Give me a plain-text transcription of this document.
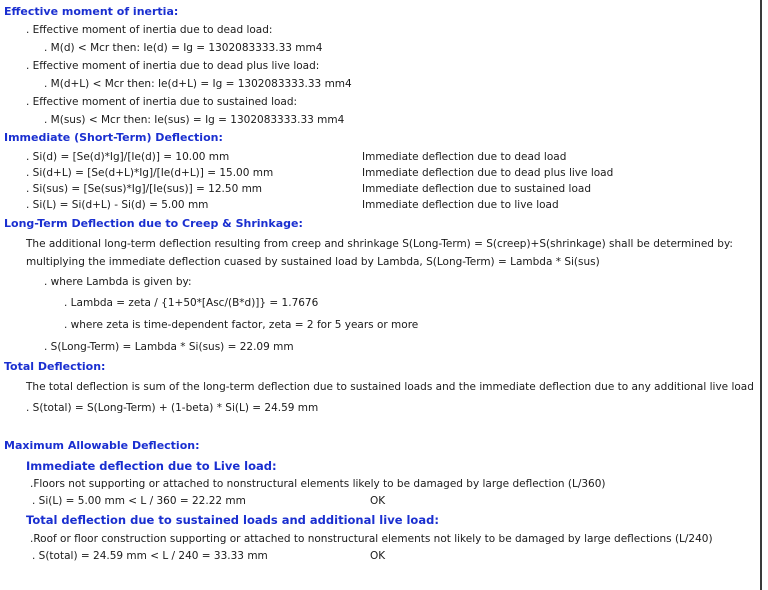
Effective moment of inertia:
. Effective moment of inertia due to dead load:
. M(d) < Mcr then: Ie(d) = Ig = 1302083333.33 mm4
. Effective moment of inertia due to dead plus live load:
. M(d+L) < Mcr then: Ie(d+L) = Ig = 1302083333.33 mm4
. Effective moment of inertia due to sustained load:
. M(sus) < Mcr then: Ie(sus) = Ig = 1302083333.33 mm4
Immediate (Short-Term) Deflection:
. Si(d) = [Se(d)*Ig]/[Ie(d)] = 10.00 mm	Immediate deflection due to dead load
. Si(d+L) = [Se(d+L)*Ig]/[Ie(d+L)] = 15.00 mm	Immediate deflection due to dead plus live load
. Si(sus) = [Se(sus)*Ig]/[Ie(sus)] = 12.50 mm	Immediate deflection due to sustained load
. Si(L) = Si(d+L) - Si(d) = 5.00 mm	Immediate deflection due to live load
Long-Term Deflection due to Creep & Shrinkage:
The additional long-term deflection resulting from creep and shrinkage S(Long-Term) = S(creep)+S(shrinkage) shall be determined by:
multiplying the immediate deflection cuased by sustained load by Lambda, S(Long-Term) = Lambda * Si(sus)
. where Lambda is given by:
. Lambda = zeta / {1+50*[Asc/(B*d)]} = 1.7676
. where zeta is time-dependent factor, zeta = 2 for 5 years or more
. S(Long-Term) = Lambda * Si(sus) = 22.09 mm
Total Deflection:
The total deflection is sum of the long-term deflection due to sustained loads and the immediate deflection due to any additional live load
. S(total) = S(Long-Term) + (1-beta) * Si(L) = 24.59 mm
Maximum Allowable Deflection:
Immediate deflection due to Live load:
.Floors not supporting or attached to nonstructural elements likely to be damaged by large deflection (L/360)
. Si(L) = 5.00 mm < L / 360 = 22.22 mm	OK
Total deflection due to sustained loads and additional live load:
.Roof or floor construction supporting or attached to nonstructural elements not likely to be damaged by large deflections (L/240)
. S(total) = 24.59 mm < L / 240 = 33.33 mm	OK
